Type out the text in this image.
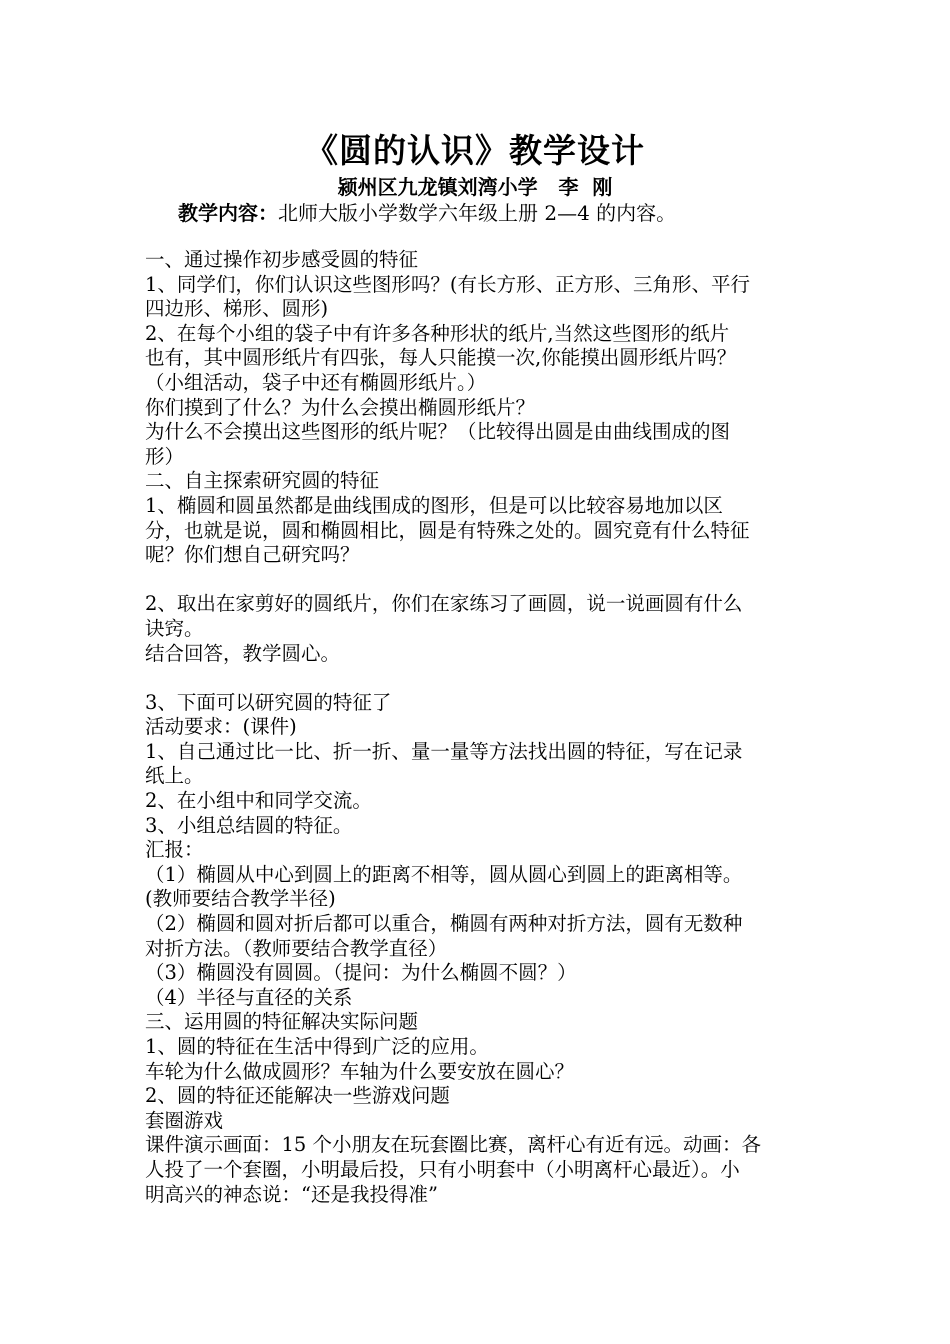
《圆的认识》教学设计
颍州区九龙镇刘湾小学   李  刚
教学内容：北师大版小学数学六年级上册 2—4 的内容。

一、通过操作初步感受圆的特征

1、同学们，你们认识这些图形吗？(有长方形、正方形、三角形、平行

四边形、梯形、圆形)

2、在每个小组的袋子中有许多各种形状的纸片,当然这些图形的纸片

也有，其中圆形纸片有四张，每人只能摸一次,你能摸出圆形纸片吗？

（小组活动，袋子中还有椭圆形纸片。）

你们摸到了什么？为什么会摸出椭圆形纸片？

为什么不会摸出这些图形的纸片呢？（比较得出圆是由曲线围成的图

形）

二、自主探索研究圆的特征

1、椭圆和圆虽然都是曲线围成的图形，但是可以比较容易地加以区

分，也就是说，圆和椭圆相比，圆是有特殊之处的。圆究竟有什么特征

呢？你们想自己研究吗？

2、取出在家剪好的圆纸片，你们在家练习了画圆，说一说画圆有什么

诀窍。

结合回答，教学圆心。

3、下面可以研究圆的特征了

活动要求：(课件)

1、自己通过比一比、折一折、量一量等方法找出圆的特征，写在记录

纸上。

2、在小组中和同学交流。

3、小组总结圆的特征。

汇报：

（1）椭圆从中心到圆上的距离不相等，圆从圆心到圆上的距离相等。

(教师要结合教学半径)

（2）椭圆和圆对折后都可以重合，椭圆有两种对折方法，圆有无数种

对折方法。（教师要结合教学直径）

（3）椭圆没有圆圆。（提问：为什么椭圆不圆？）

（4）半径与直径的关系

三、运用圆的特征解决实际问题

1、圆的特征在生活中得到广泛的应用。

车轮为什么做成圆形？车轴为什么要安放在圆心？

2、圆的特征还能解决一些游戏问题

套圈游戏

课件演示画面：15 个小朋友在玩套圈比赛，离杆心有近有远。动画：各

人投了一个套圈，小明最后投，只有小明套中（小明离杆心最近）。小

明高兴的神态说：“还是我投得准”
